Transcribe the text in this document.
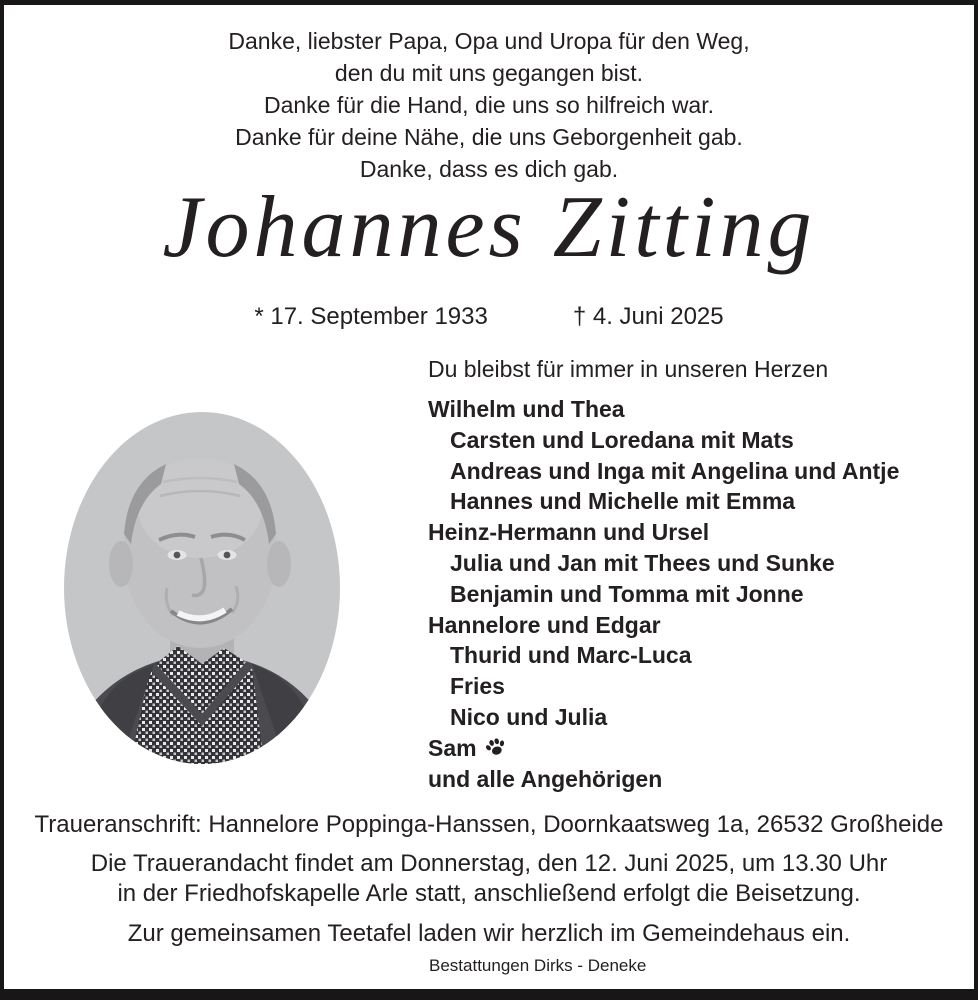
Danke, liebster Papa, Opa und Uropa für den Weg,
den du mit uns gegangen bist.
Danke für die Hand, die uns so hilfreich war.
Danke für deine Nähe, die uns Geborgenheit gab.
Danke, dass es dich gab.
Johannes Zitting
* 17. September 1933	† 4. Juni 2025
Du bleibst für immer in unseren Herzen
Wilhelm und Thea
Carsten und Loredana mit Mats
Andreas und Inga mit Angelina und Antje
Hannes und Michelle mit Emma
Heinz-Hermann und Ursel
Julia und Jan mit Thees und Sunke
Benjamin und Tomma mit Jonne
Hannelore und Edgar
Thurid und Marc-Luca
Fries
Nico und Julia
Sam
und alle Angehörigen
Traueranschrift: Hannelore Poppinga-Hanssen, Doornkaatsweg 1a, 26532 Großheide
Die Trauerandacht findet am Donnerstag, den 12. Juni 2025, um 13.30 Uhr
in der Friedhofskapelle Arle statt, anschließend erfolgt die Beisetzung.
Zur gemeinsamen Teetafel laden wir herzlich im Gemeindehaus ein.
Bestattungen Dirks - Deneke
